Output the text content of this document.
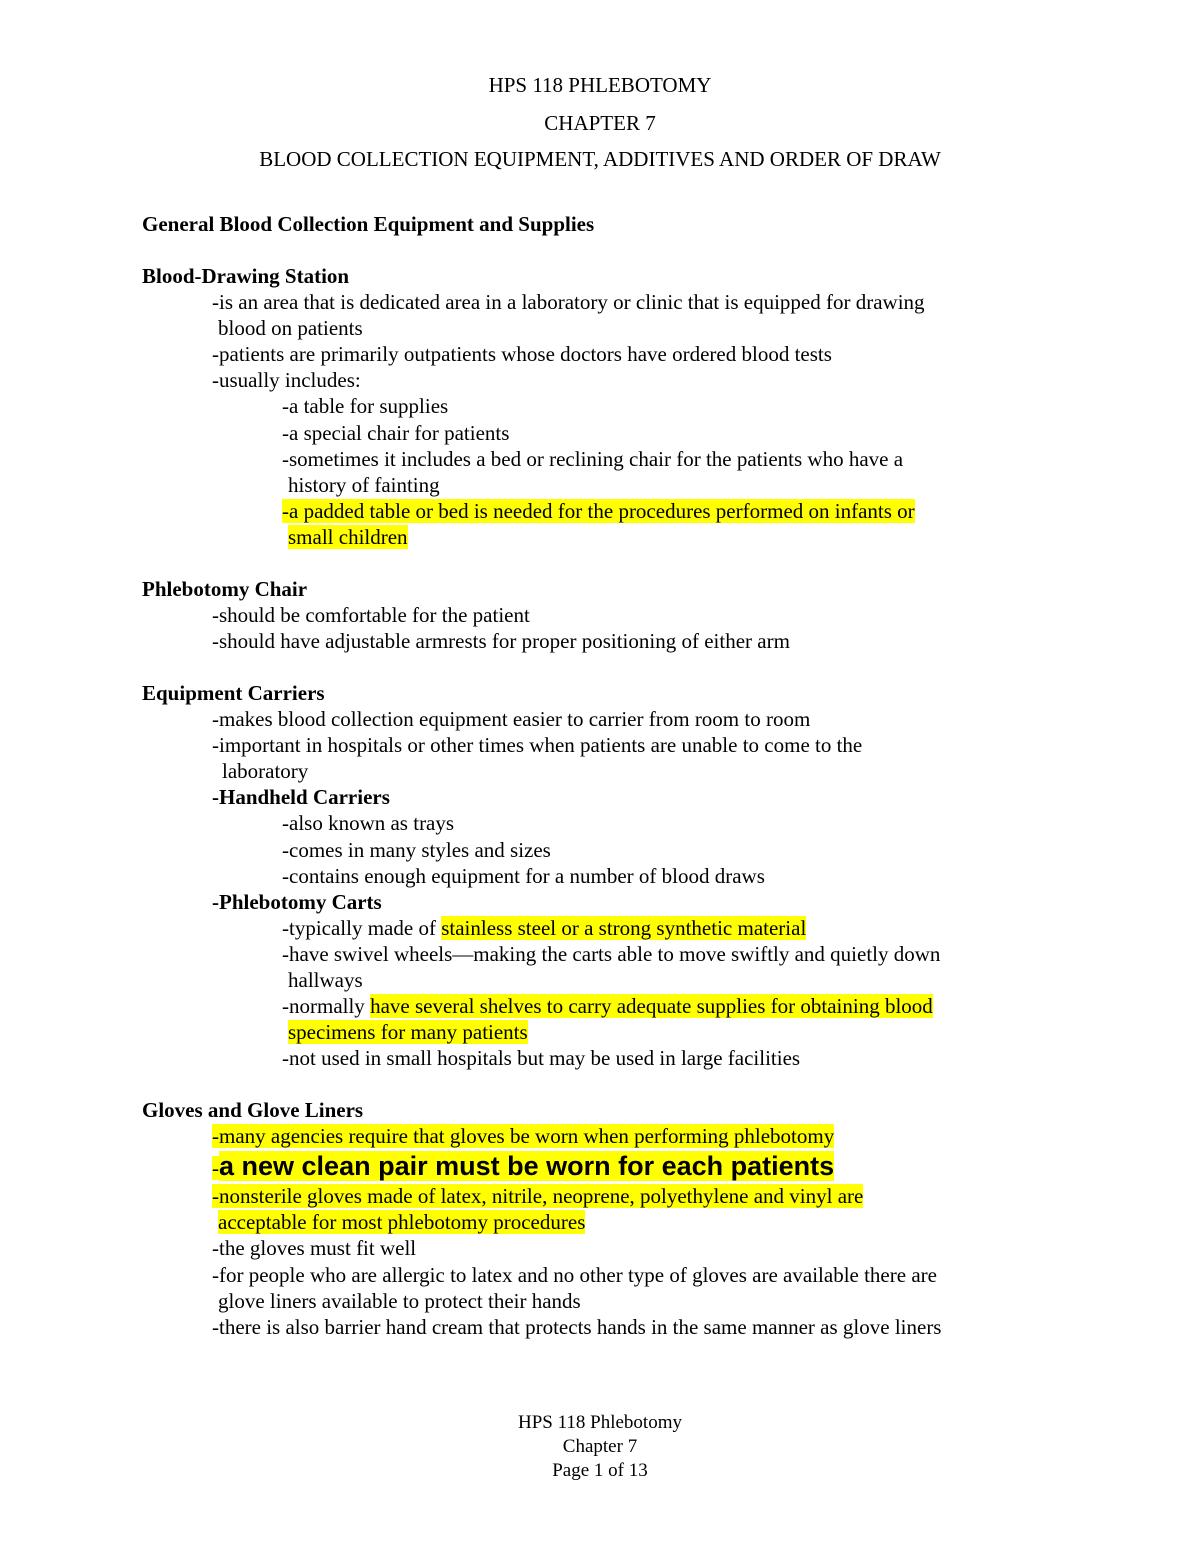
HPS 118 PHLEBOTOMY
CHAPTER 7
BLOOD COLLECTION EQUIPMENT, ADDITIVES AND ORDER OF DRAW
General Blood Collection Equipment and Supplies
Blood-Drawing Station
-is an area that is dedicated area in a laboratory or clinic that is equipped for drawing
blood on patients
-patients are primarily outpatients whose doctors have ordered blood tests
-usually includes:
-a table for supplies
-a special chair for patients
-sometimes it includes a bed or reclining chair for the patients who have a
history of fainting
-a padded table or bed is needed for the procedures performed on infants or
small children
Phlebotomy Chair
-should be comfortable for the patient
-should have adjustable armrests for proper positioning of either arm
Equipment Carriers
-makes blood collection equipment easier to carrier from room to room
-important in hospitals or other times when patients are unable to come to the
laboratory
-Handheld Carriers
-also known as trays
-comes in many styles and sizes
-contains enough equipment for a number of blood draws
-Phlebotomy Carts
-typically made of stainless steel or a strong synthetic material
-have swivel wheels—making the carts able to move swiftly and quietly down
hallways
-normally have several shelves to carry adequate supplies for obtaining blood
specimens for many patients
-not used in small hospitals but may be used in large facilities
Gloves and Glove Liners
-many agencies require that gloves be worn when performing phlebotomy
-a new clean pair must be worn for each patients
-nonsterile gloves made of latex, nitrile, neoprene, polyethylene and vinyl are
acceptable for most phlebotomy procedures
-the gloves must fit well
-for people who are allergic to latex and no other type of gloves are available there are
glove liners available to protect their hands
-there is also barrier hand cream that protects hands in the same manner as glove liners
HPS 118 Phlebotomy
Chapter 7
Page 1 of 13
